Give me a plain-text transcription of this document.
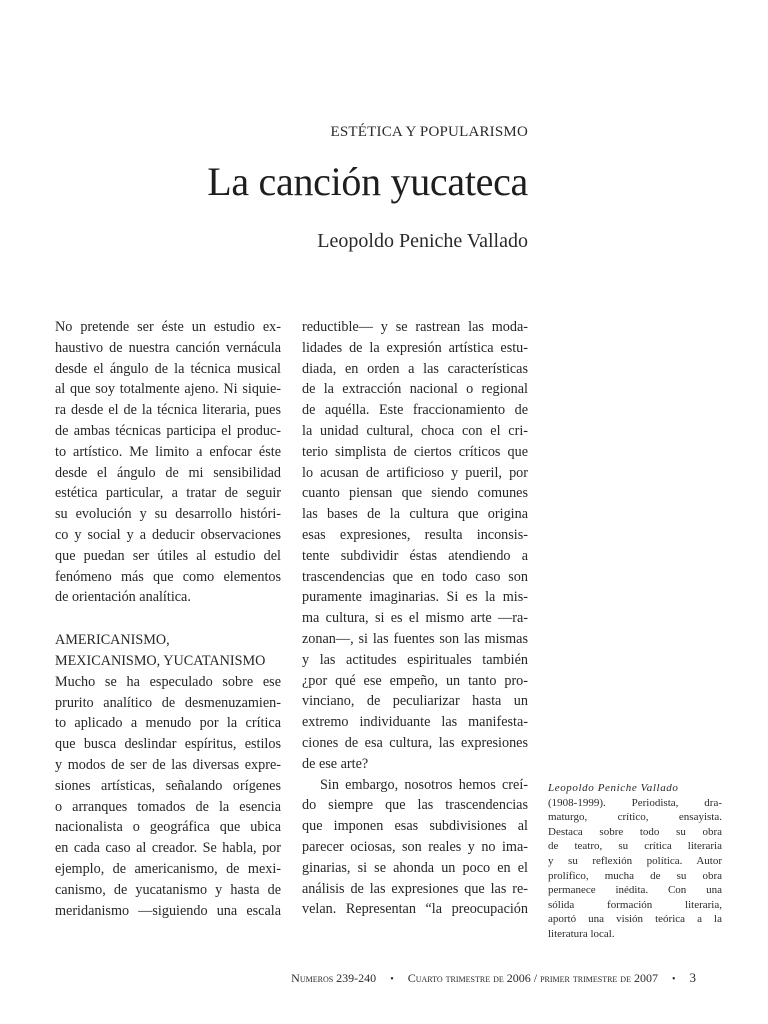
ESTÉTICA Y POPULARISMO
La canción yucateca
Leopoldo Peniche Vallado

No pretende ser éste un estudio ex-
haustivo de nuestra canción vernácula
desde el ángulo de la técnica musical
al que soy totalmente ajeno. Ni siquie-
ra desde el de la técnica literaria, pues
de ambas técnicas participa el produc-
to artístico. Me limito a enfocar éste
desde el ángulo de mi sensibilidad
estética particular, a tratar de seguir
su evolución y su desarrollo históri-
co y social y a deducir observaciones
que puedan ser útiles al estudio del
fenómeno más que como elementos
de orientación analítica.

AMERICANISMO,
MEXICANISMO, YUCATANISMO

Mucho se ha especulado sobre ese
prurito analítico de desmenuzamien-
to aplicado a menudo por la crítica
que busca deslindar espíritus, estilos
y modos de ser de las diversas expre-
siones artísticas, señalando orígenes
o arranques tomados de la esencia
nacionalista o geográfica que ubica
en cada caso al creador. Se habla, por
ejemplo, de americanismo, de mexi-
canismo, de yucatanismo y hasta de
meridanismo —siguiendo una escala

reductible— y se rastrean las moda-
lidades de la expresión artística estu-
diada, en orden a las características
de la extracción nacional o regional
de aquélla. Este fraccionamiento de
la unidad cultural, choca con el cri-
terio simplista de ciertos críticos que
lo acusan de artificioso y pueril, por
cuanto piensan que siendo comunes
las bases de la cultura que origina
esas expresiones, resulta inconsis-
tente subdividir éstas atendiendo a
trascendencias que en todo caso son
puramente imaginarias. Si es la mis-
ma cultura, si es el mismo arte —ra-
zonan—, si las fuentes son las mismas
y las actitudes espirituales también
¿por qué ese empeño, un tanto pro-
vinciano, de peculiarizar hasta un
extremo individuante las manifesta-
ciones de esa cultura, las expresiones
de ese arte?

Sin embargo, nosotros hemos creí-
do siempre que las trascendencias
que imponen esas subdivisiones al
parecer ociosas, son reales y no ima-
ginarias, si se ahonda un poco en el
análisis de las expresiones que las re-
velan. Representan “la preocupación

Leopoldo Peniche Vallado
(1908-1999). Periodista, dra-
maturgo, crítico, ensayista.
Destaca sobre todo su obra
de teatro, su crítica literaria
y su reflexión política. Autor
prolífico, mucha de su obra
permanece inédita. Con una
sólida formación literaria,
aportó una visión teórica a la
literatura local.
Numeros 239-240 • Cuarto trimestre de 2006 / primer trimestre de 2007 • 3
